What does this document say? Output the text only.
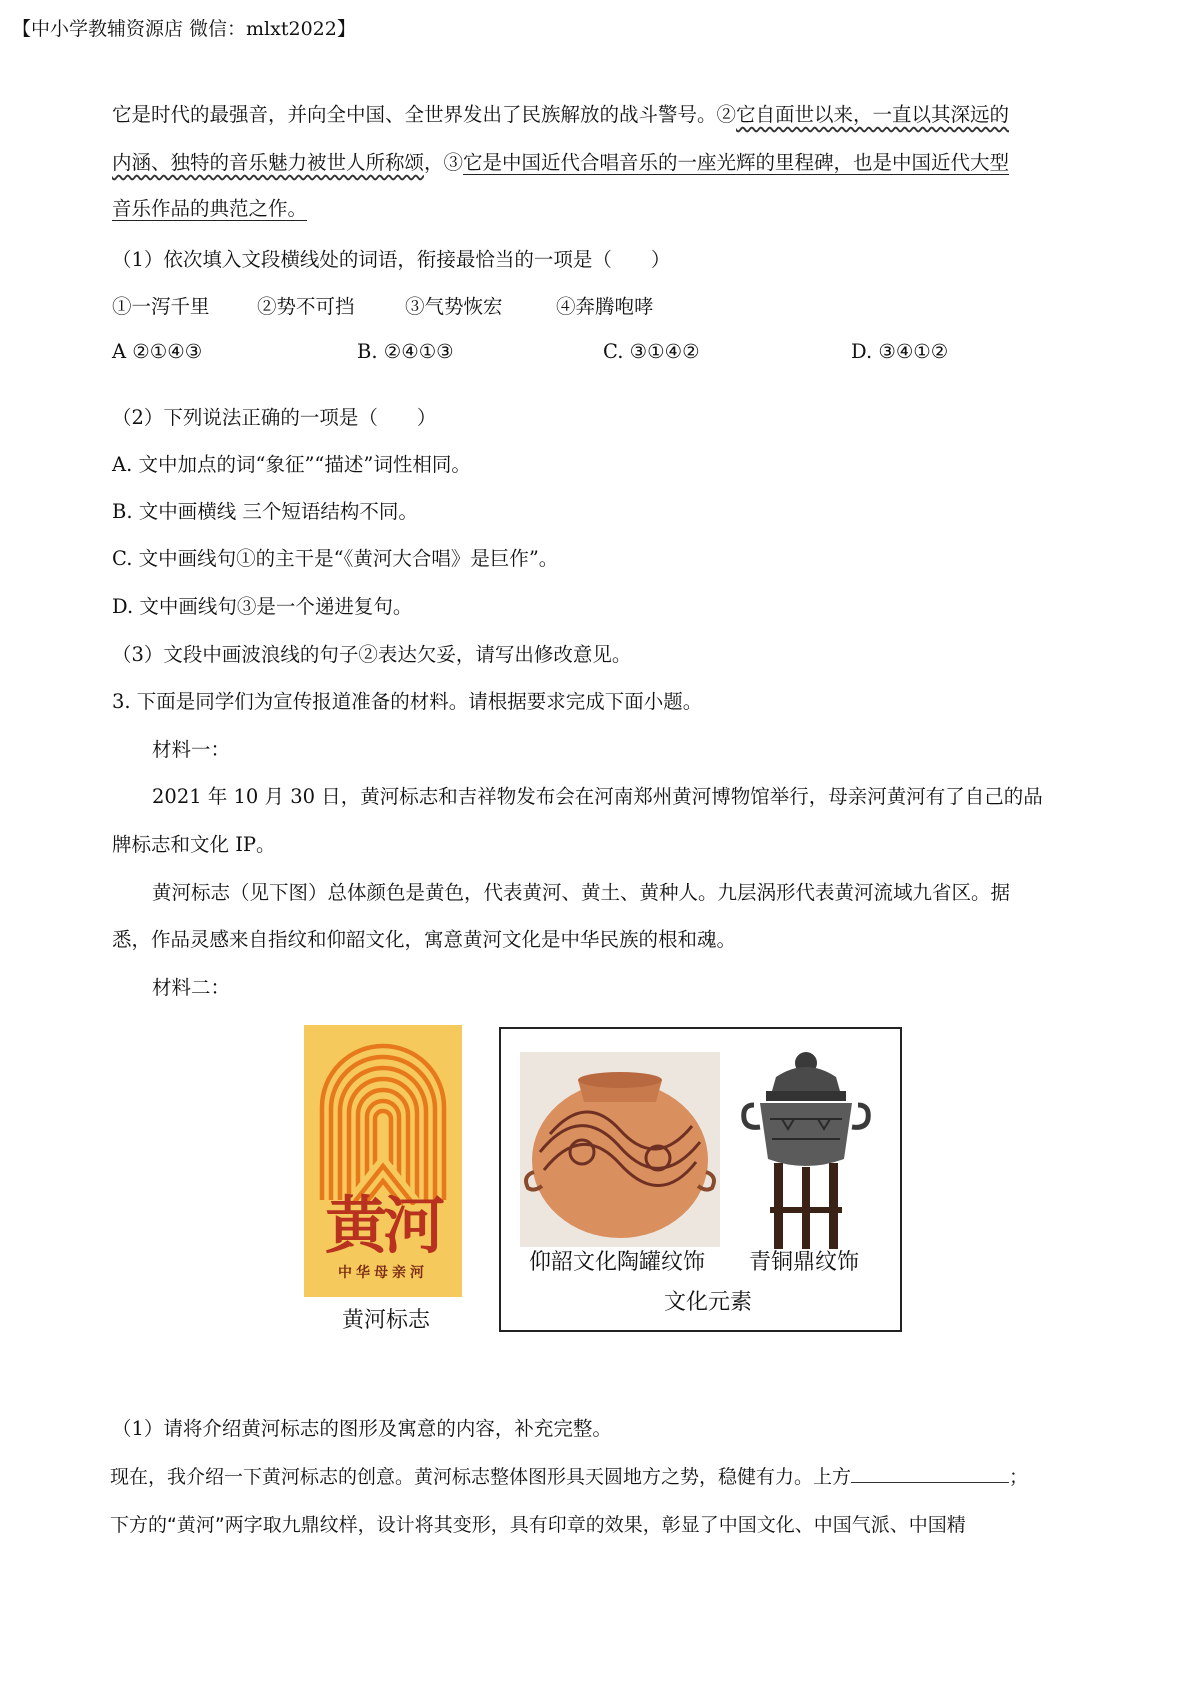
【中小学教辅资源店 微信：mlxt2022】
它是时代的最强音，并向全中国、全世界发出了民族解放的战斗警号。②它自面世以来，一直以其深远的
内涵、独特的音乐魅力被世人所称颂，③它是中国近代合唱音乐的一座光辉的里程碑，也是中国近代大型
音乐作品的典范之作。
（1）依次填入文段横线处的词语，衔接最恰当的一项是（　　）
①一泻千里 ②势不可挡	③气势恢宏	④奔腾咆哮
A ②①④③	B. ②④①③	C. ③①④②	D. ③④①②
（2）下列说法正确的一项是（　　）
A. 文中加点的词“象征”“描述”词性相同。
B. 文中画横线 三个短语结构不同。
C. 文中画线句①的主干是“《黄河大合唱》是巨作”。
D. 文中画线句③是一个递进复句。
（3）文段中画波浪线的句子②表达欠妥，请写出修改意见。
3. 下面是同学们为宣传报道准备的材料。请根据要求完成下面小题。
材料一：
2021 年 10 月 30 日，黄河标志和吉祥物发布会在河南郑州黄河博物馆举行，母亲河黄河有了自己的品
牌标志和文化 IP。
黄河标志（见下图）总体颜色是黄色，代表黄河、黄土、黄种人。九层涡形代表黄河流域九省区。据
悉，作品灵感来自指纹和仰韶文化，寓意黄河文化是中华民族的根和魂。
材料二：
黄河
中华母亲河
黄河标志
仰韶文化陶罐纹饰 青铜鼎纹饰
文化元素
（1）请将介绍黄河标志的图形及寓意的内容，补充完整。
现在，我介绍一下黄河标志的创意。黄河标志整体图形具天圆地方之势，稳健有力。上方	；
下方的“黄河”两字取九鼎纹样，设计将其变形，具有印章的效果，彰显了中国文化、中国气派、中国精
